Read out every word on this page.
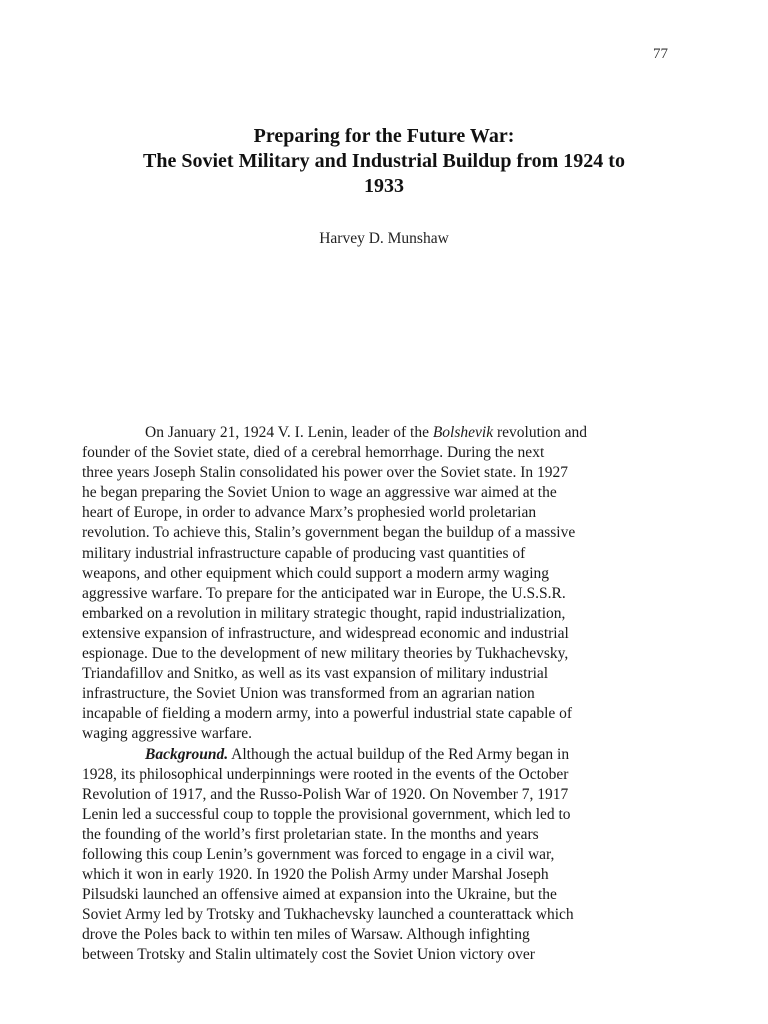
77
Preparing for the Future War:
The Soviet Military and Industrial Buildup from 1924 to
1933
Harvey D. Munshaw

On January 21, 1924 V. I. Lenin, leader of the Bolshevik revolution and
founder of the Soviet state, died of a cerebral hemorrhage. During the next
three years Joseph Stalin consolidated his power over the Soviet state. In 1927
he began preparing the Soviet Union to wage an aggressive war aimed at the
heart of Europe, in order to advance Marx’s prophesied world proletarian
revolution. To achieve this, Stalin’s government began the buildup of a massive
military industrial infrastructure capable of producing vast quantities of
weapons, and other equipment which could support a modern army waging
aggressive warfare. To prepare for the anticipated war in Europe, the U.S.S.R.
embarked on a revolution in military strategic thought, rapid industrialization,
extensive expansion of infrastructure, and widespread economic and industrial
espionage. Due to the development of new military theories by Tukhachevsky,
Triandafillov and Snitko, as well as its vast expansion of military industrial
infrastructure, the Soviet Union was transformed from an agrarian nation
incapable of fielding a modern army, into a powerful industrial state capable of
waging aggressive warfare.

Background. Although the actual buildup of the Red Army began in
1928, its philosophical underpinnings were rooted in the events of the October
Revolution of 1917, and the Russo-Polish War of 1920. On November 7, 1917
Lenin led a successful coup to topple the provisional government, which led to
the founding of the world’s first proletarian state. In the months and years
following this coup Lenin’s government was forced to engage in a civil war,
which it won in early 1920. In 1920 the Polish Army under Marshal Joseph
Pilsudski launched an offensive aimed at expansion into the Ukraine, but the
Soviet Army led by Trotsky and Tukhachevsky launched a counterattack which
drove the Poles back to within ten miles of Warsaw. Although infighting
between Trotsky and Stalin ultimately cost the Soviet Union victory over
